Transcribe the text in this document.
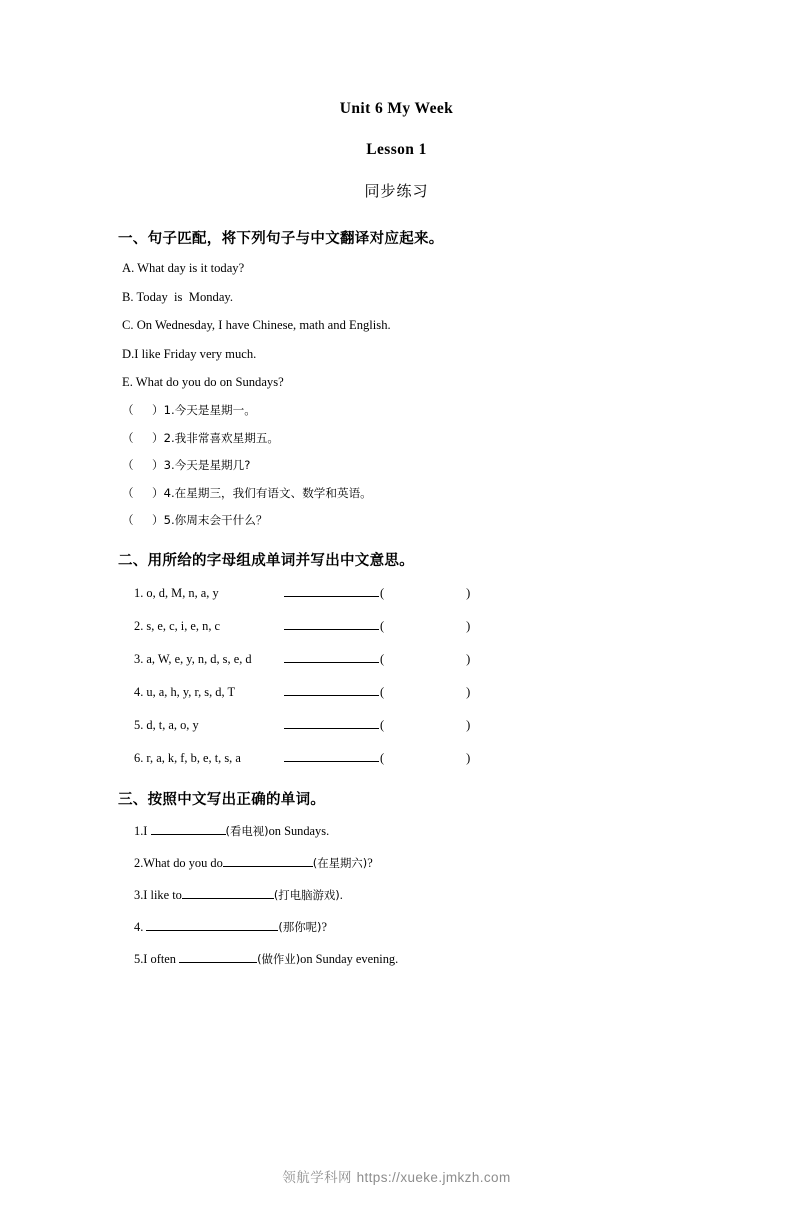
Unit 6 My Week
Lesson 1
同步练习
一、句子匹配，将下列句子与中文翻译对应起来。
A. What day is it today?
B. Today  is  Monday.
C. On Wednesday, I have Chinese, math and English.
D.I like Friday very much.
E. What do you do on Sundays?
（     ）1.今天是星期一。
（     ）2.我非常喜欢星期五。
（     ）3.今天是星期几?
（     ）4.在星期三，我们有语文、数学和英语。
（     ）5.你周末会干什么？
二、用所给的字母组成单词并写出中文意思。
1. o, d, M, n, a, y	(	)
2. s, e, c, i, e, n, c	(	)
3. a, W, e, y, n, d, s, e, d	(	)
4. u, a, h, y, r, s, d, T	(	)
5. d, t, a, o, y	(	)
6. r, a, k, f, b, e, t, s, a	(	)
三、按照中文写出正确的单词。
1.I	(看电视)on Sundays.
2.What do you do	(在星期六)?
3.I like to	(打电脑游戏).
4.	(那你呢)?
5.I often	(做作业)on Sunday evening.
领航学科网 https://xueke.jmkzh.com
